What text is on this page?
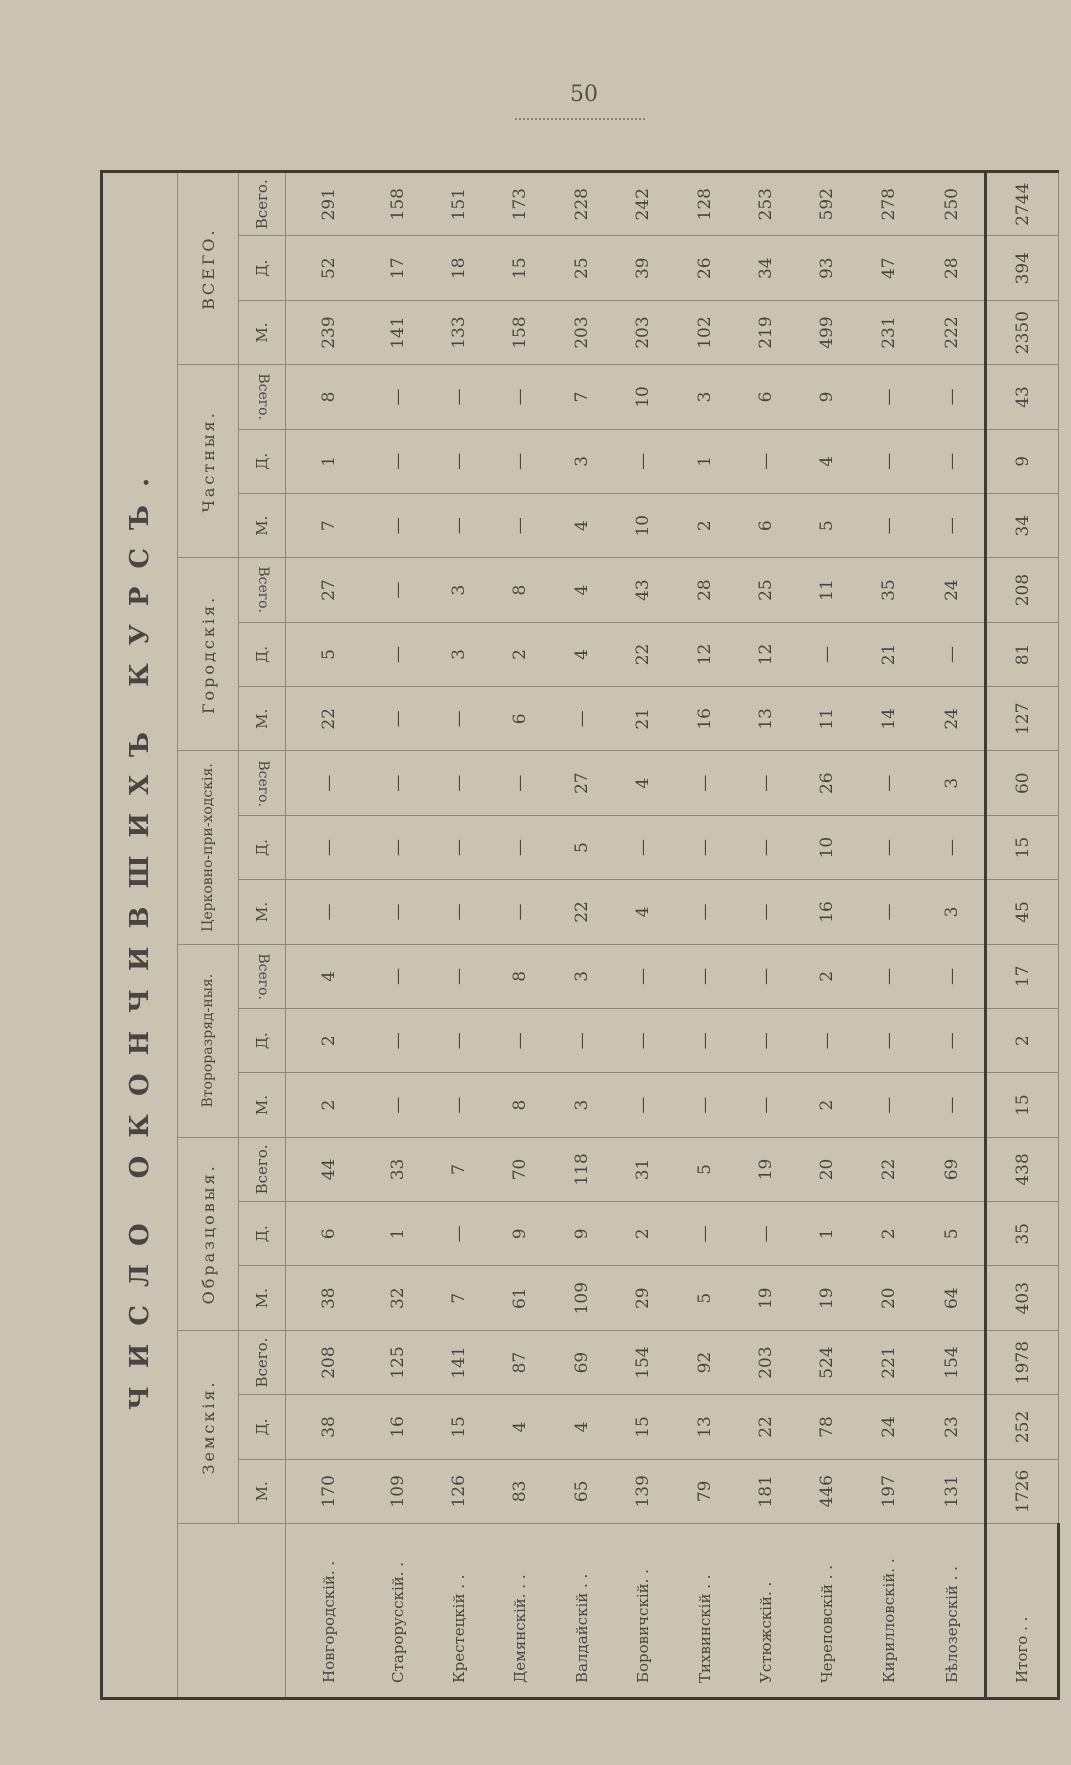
50
ЧИСЛО ОКОНЧИВШИХЪ КУРСЪ.																					
	Земскія.			Образцовыя.			Второразряд-ныя.			Церковно-при-ходскія.			Городскія.			Частныя.			ВСЕГО.		
	М.	Д.	Всего.	М.	Д.	Всего.	М.	Д.	Всего.	М.	Д.	Всего.	М.	Д.	Всего.	М.	Д.	Всего.	М.	Д.	Всего.
Новгородскій. .	170	38	208	38	6	44	2	2	4	—	—	—	22	5	27	7	1	8	239	52	291
Старорусскій. .	109	16	125	32	1	33	—	—	—	—	—	—	—	—	—	—	—	—	141	17	158
Крестецкій . .	126	15	141	7	—	7	—	—	—	—	—	—	—	3	3	—	—	—	133	18	151
Демянскій. . .	83	4	87	61	9	70	8	—	8	—	—	—	6	2	8	—	—	—	158	15	173
Валдайскій . .	65	4	69	109	9	118	3	—	3	22	5	27	—	4	4	4	3	7	203	25	228
Боровичскій. .	139	15	154	29	2	31	—	—	—	4	—	4	21	22	43	10	—	10	203	39	242
Тихвинскій . .	79	13	92	5	—	5	—	—	—	—	—	—	16	12	28	2	1	3	102	26	128
Устюжскій. .	181	22	203	19	—	19	—	—	—	—	—	—	13	12	25	6	—	6	219	34	253
Череповскій . .	446	78	524	19	1	20	2	—	2	16	10	26	11	—	11	5	4	9	499	93	592
Кирилловскій. .	197	24	221	20	2	22	—	—	—	—	—	—	14	21	35	—	—	—	231	47	278
Бѣлозерскій . .	131	23	154	64	5	69	—	—	—	3	—	3	24	—	24	—	—	—	222	28	250
Итого . .	1726	252	1978	403	35	438	15	2	17	45	15	60	127	81	208	34	9	43	2350	394	2744
